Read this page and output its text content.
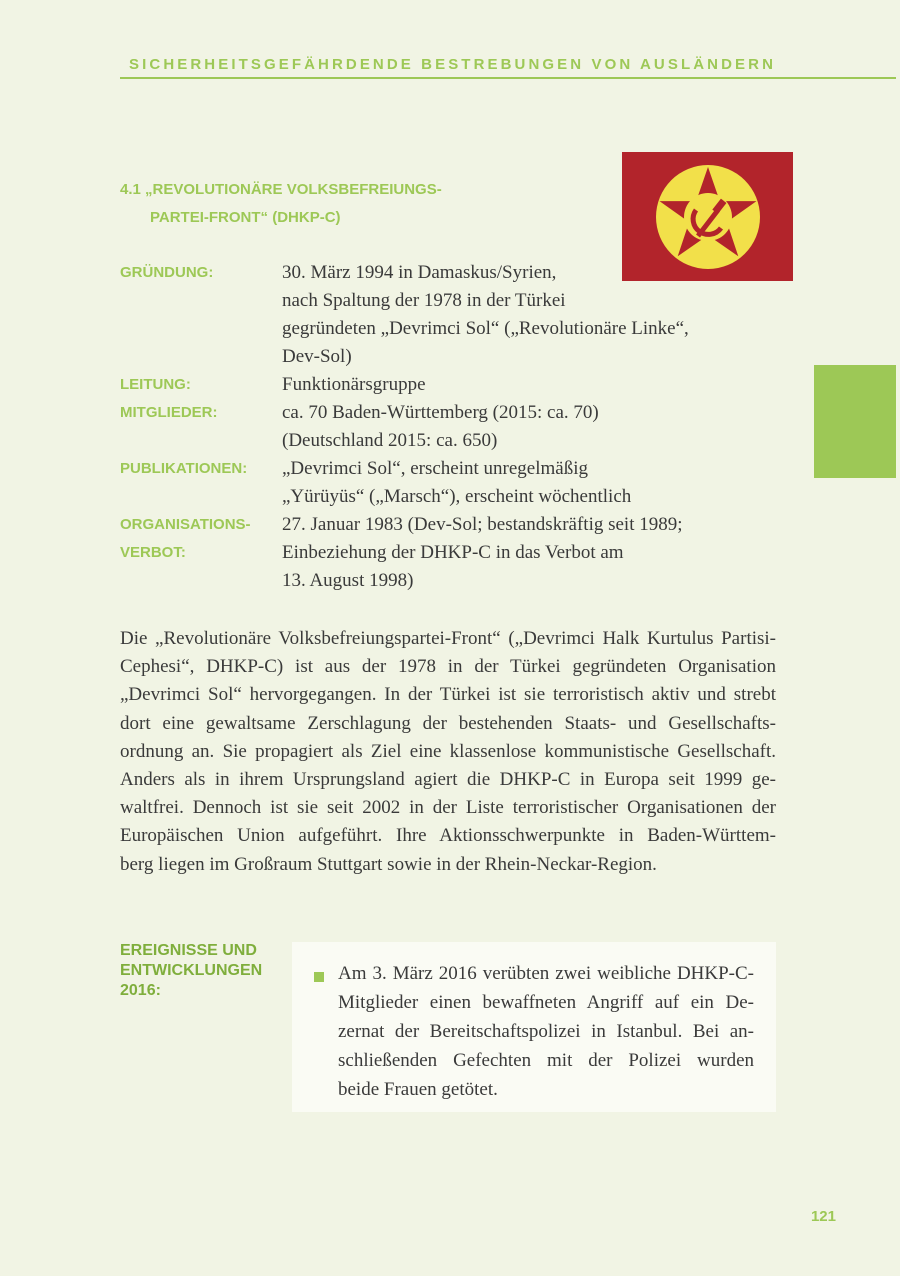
SICHERHEITSGEFÄHRDENDE BESTREBUNGEN VON AUSLÄNDERN
4.1 „REVOLUTIONÄRE VOLKSBEFREIUNGS-
PARTEI-FRONT“ (DHKP-C)
GRÜNDUNG:	30. März 1994 in Damaskus/Syrien,
nach Spaltung der 1978 in der Türkei
gegründeten „Devrimci Sol“ („Revolutionäre Linke“,
Dev-Sol)
LEITUNG:	Funktionärsgruppe
MITGLIEDER:	ca. 70 Baden-Württemberg (2015: ca. 70)
(Deutschland 2015: ca. 650)
PUBLIKATIONEN:	„Devrimci Sol“, erscheint unregelmäßig
„Yürüyüs“ („Marsch“), erscheint wöchentlich
ORGANISATIONS-
VERBOT:
27. Januar 1983 (Dev-Sol; bestandskräftig seit 1989;
Einbeziehung der DHKP-C in das Verbot am
13. August 1998)
Die „Revolutionäre Volksbefreiungspartei-Front“ („Devrimci Halk Kurtulus Partisi-
Cephesi“, DHKP-C) ist aus der 1978 in der Türkei gegründeten Organisation
„Devrimci Sol“ hervorgegangen. In der Türkei ist sie terroristisch aktiv und strebt
dort eine gewaltsame Zerschlagung der bestehenden Staats- und Gesellschafts-
ordnung an. Sie propagiert als Ziel eine klassenlose kommunistische Gesellschaft.
Anders als in ihrem Ursprungsland agiert die DHKP-C in Europa seit 1999 ge-
waltfrei. Dennoch ist sie seit 2002 in der Liste terroristischer Organisationen der
Europäischen Union aufgeführt. Ihre Aktionsschwerpunkte in Baden-Württem-
berg liegen im Großraum Stuttgart sowie in der Rhein-Neckar-Region.
EREIGNISSE UND
ENTWICKLUNGEN
2016:
Am 3. März 2016 verübten zwei weibliche DHKP-C-
Mitglieder einen bewaffneten Angriff auf ein De-
zernat der Bereitschaftspolizei in Istanbul. Bei an-
schließenden Gefechten mit der Polizei wurden
beide Frauen getötet.
121
